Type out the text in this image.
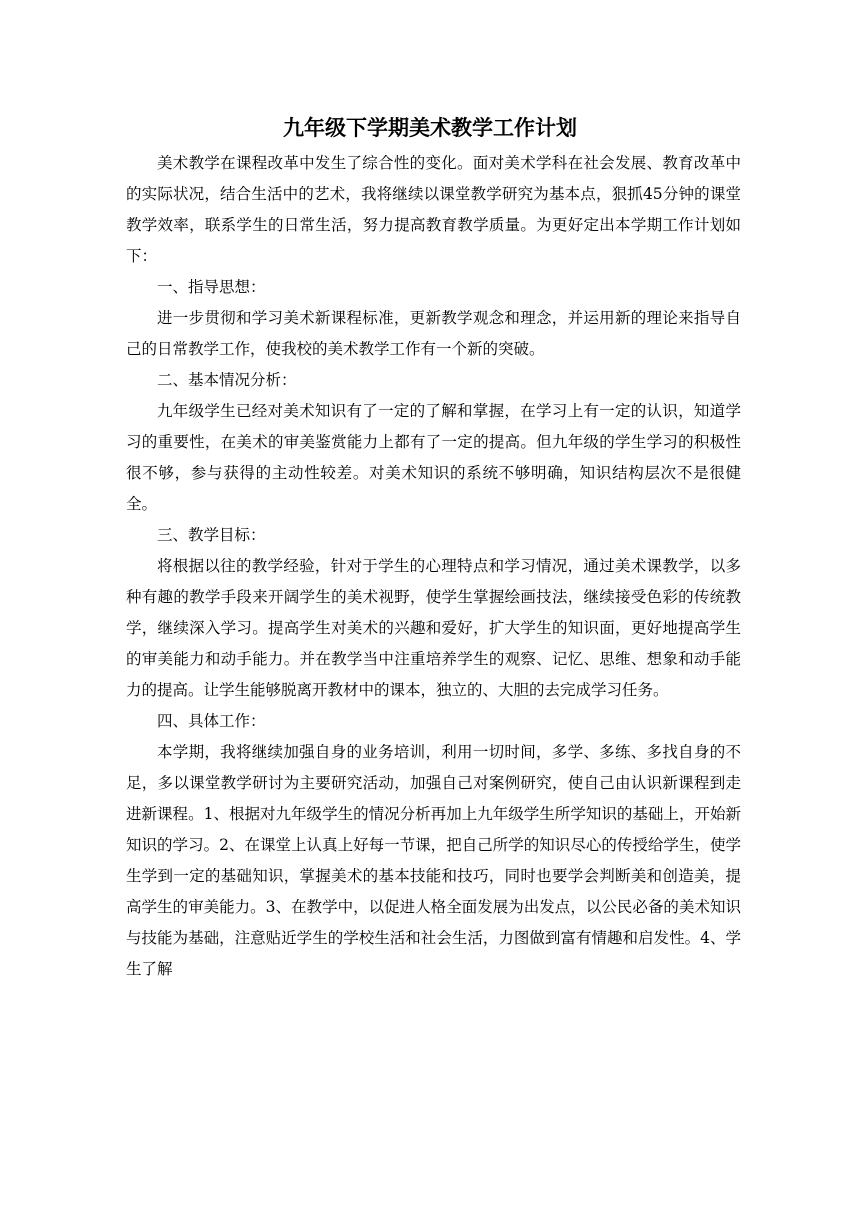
九年级下学期美术教学工作计划

美术教学在课程改革中发生了综合性的变化。面对美术学科在社会发展、教育改革中的实际状况，结合生活中的艺术，我将继续以课堂教学研究为基本点，狠抓45分钟的课堂教学效率，联系学生的日常生活，努力提高教育教学质量。为更好定出本学期工作计划如下：

一、指导思想：

进一步贯彻和学习美术新课程标准，更新教学观念和理念，并运用新的理论来指导自己的日常教学工作，使我校的美术教学工作有一个新的突破。

二、基本情况分析：

九年级学生已经对美术知识有了一定的了解和掌握，在学习上有一定的认识，知道学习的重要性，在美术的审美鉴赏能力上都有了一定的提高。但九年级的学生学习的积极性很不够，参与获得的主动性较差。对美术知识的系统不够明确，知识结构层次不是很健全。

三、教学目标：

将根据以往的教学经验，针对于学生的心理特点和学习情况，通过美术课教学，以多种有趣的教学手段来开阔学生的美术视野，使学生掌握绘画技法，继续接受色彩的传统教学，继续深入学习。提高学生对美术的兴趣和爱好，扩大学生的知识面，更好地提高学生的审美能力和动手能力。并在教学当中注重培养学生的观察、记忆、思维、想象和动手能力的提高。让学生能够脱离开教材中的课本，独立的、大胆的去完成学习任务。

四、具体工作：

本学期，我将继续加强自身的业务培训，利用一切时间，多学、多练、多找自身的不足，多以课堂教学研讨为主要研究活动，加强自己对案例研究，使自己由认识新课程到走进新课程。1、根据对九年级学生的情况分析再加上九年级学生所学知识的基础上，开始新知识的学习。2、在课堂上认真上好每一节课，把自己所学的知识尽心的传授给学生，使学生学到一定的基础知识，掌握美术的基本技能和技巧，同时也要学会判断美和创造美，提高学生的审美能力。3、在教学中，以促进人格全面发展为出发点，以公民必备的美术知识与技能为基础，注意贴近学生的学校生活和社会生活，力图做到富有情趣和启发性。4、学生了解
